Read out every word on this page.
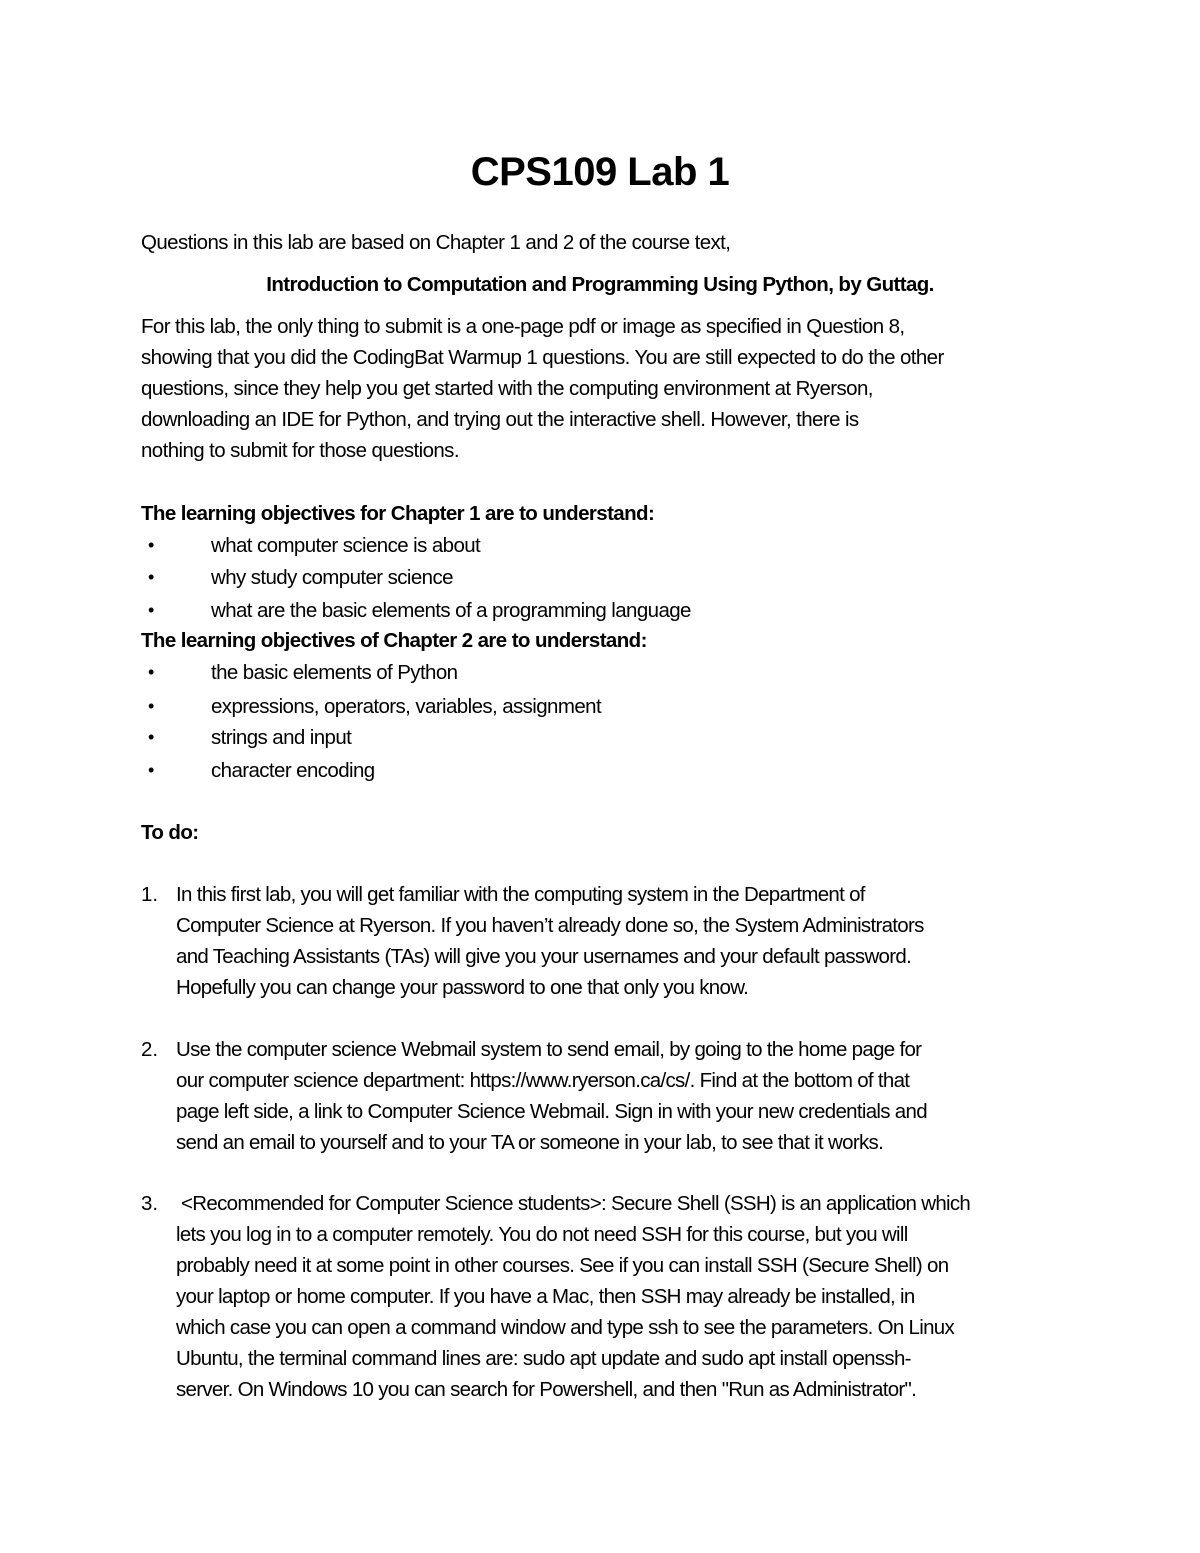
CPS109 Lab 1
Questions in this lab are based on Chapter 1 and 2 of the course text,
Introduction to Computation and Programming Using Python, by Guttag.
For this lab, the only thing to submit is a one-page pdf or image as specified in Question 8,
showing that you did the CodingBat Warmup 1 questions. You are still expected to do the other
questions, since they help you get started with the computing environment at Ryerson,
downloading an IDE for Python, and trying out the interactive shell. However, there is
nothing to submit for those questions.
The learning objectives for Chapter 1 are to understand:
•	what computer science is about
•	why study computer science
•	what are the basic elements of a programming language
The learning objectives of Chapter 2 are to understand:
•	the basic elements of Python
•	expressions, operators, variables, assignment
•	strings and input
•	character encoding
To do:
1. In this first lab, you will get familiar with the computing system in the Department of
Computer Science at Ryerson. If you haven’t already done so, the System Administrators
and Teaching Assistants (TAs) will give you your usernames and your default password.
Hopefully you can change your password to one that only you know.
2. Use the computer science Webmail system to send email, by going to the home page for
our computer science department: https://www.ryerson.ca/cs/. Find at the bottom of that
page left side, a link to Computer Science Webmail. Sign in with your new credentials and
send an email to yourself and to your TA or someone in your lab, to see that it works.
3. <Recommended for Computer Science students>: Secure Shell (SSH) is an application which
lets you log in to a computer remotely. You do not need SSH for this course, but you will
probably need it at some point in other courses. See if you can install SSH (Secure Shell) on
your laptop or home computer. If you have a Mac, then SSH may already be installed, in
which case you can open a command window and type ssh to see the parameters. On Linux
Ubuntu, the terminal command lines are: sudo apt update and sudo apt install openssh-
server. On Windows 10 you can search for Powershell, and then "Run as Administrator".
